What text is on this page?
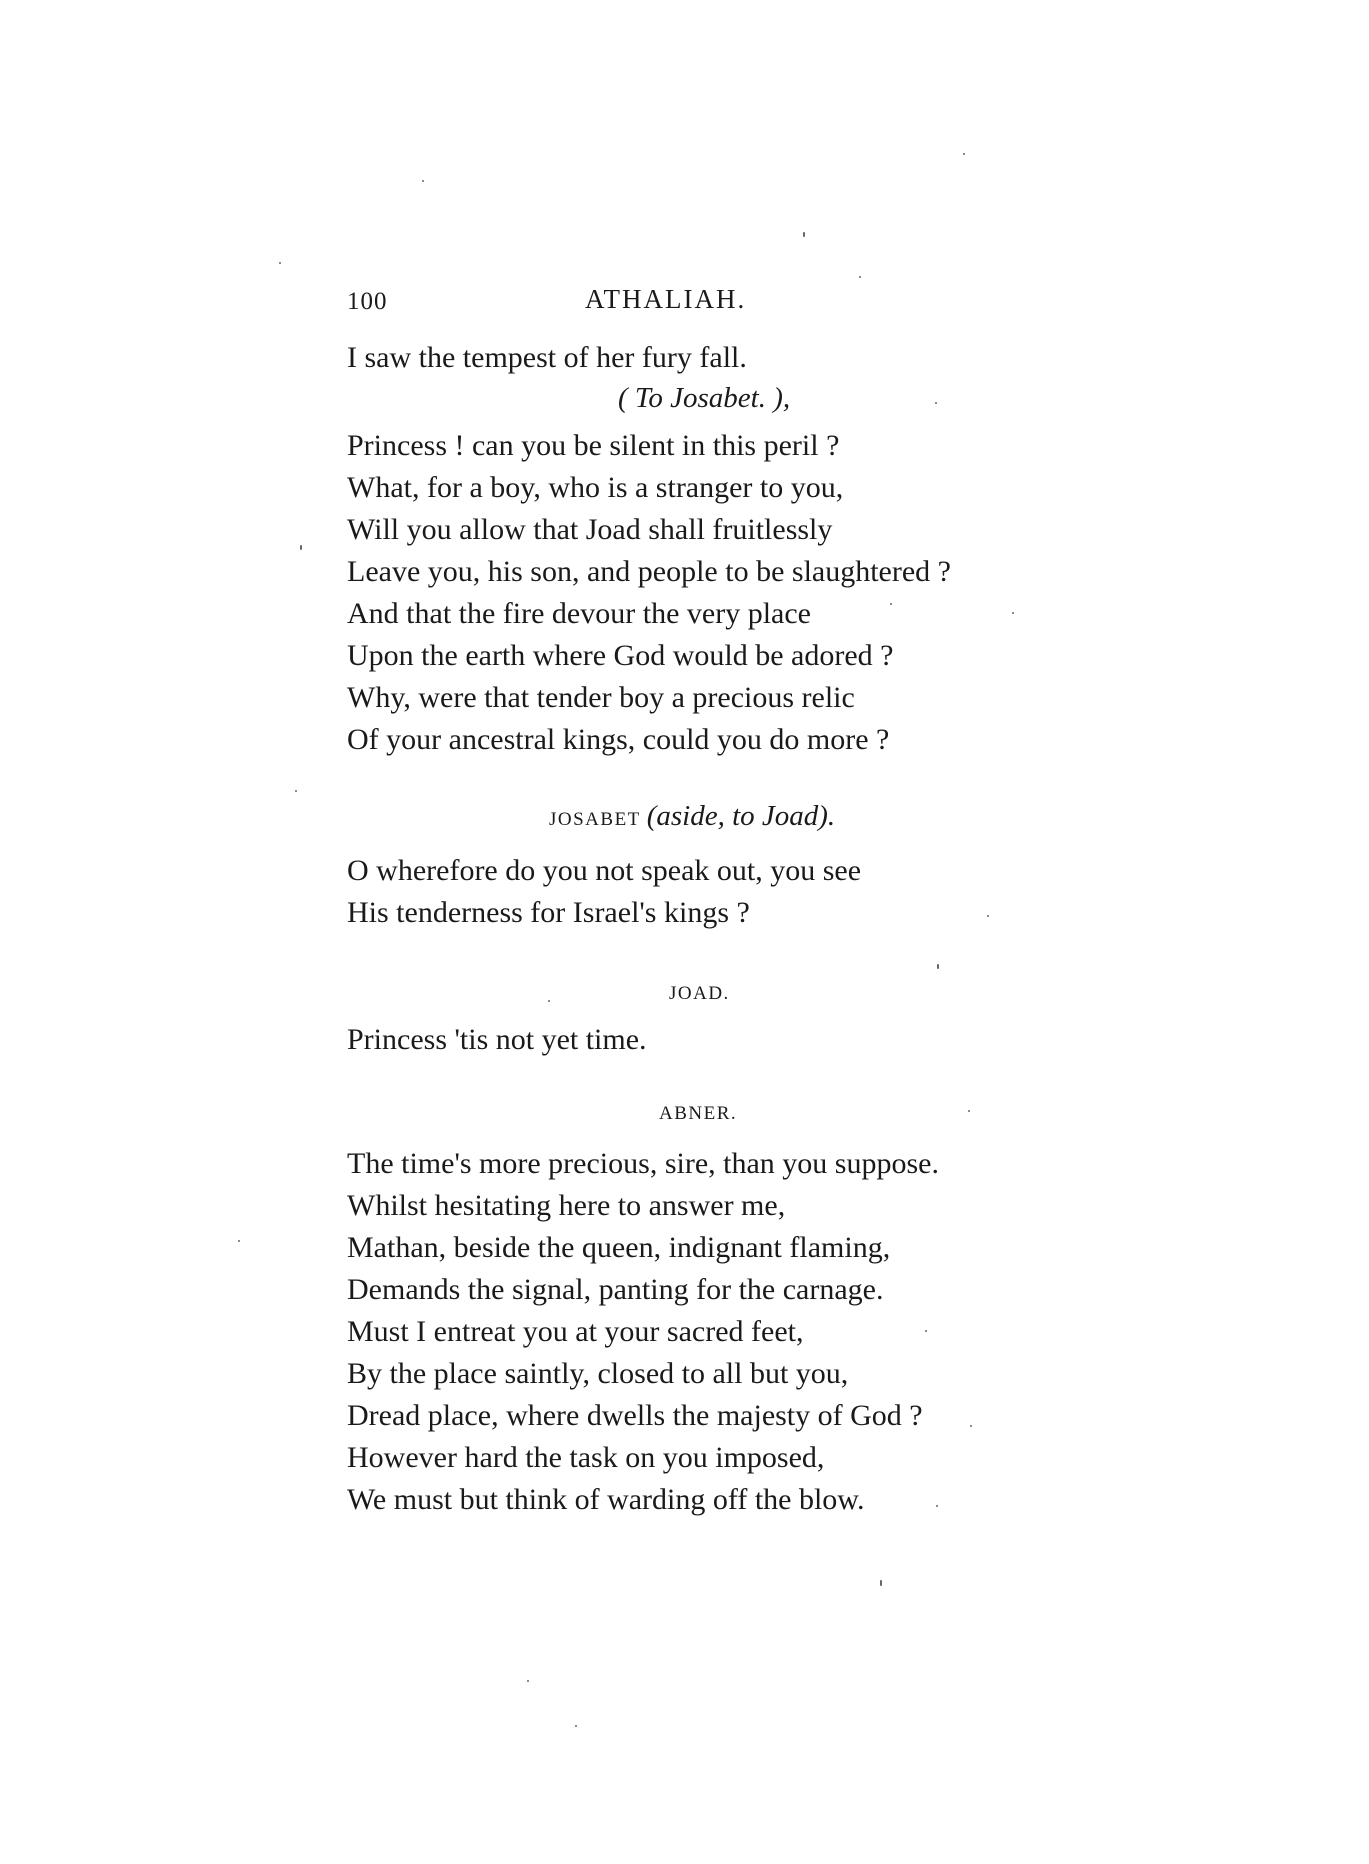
100	ATHALIAH.
I saw the tempest of her fury fall.
( To Josabet. ),
Princess ! can you be silent in this peril ?
What, for a boy, who is a stranger to you,
Will you allow that Joad shall fruitlessly
Leave you, his son, and people to be slaughtered ?
And that the fire devour the very place
Upon the earth where God would be adored ?
Why, were that tender boy a precious relic
Of your ancestral kings, could you do more ?
JOSABET (aside, to Joad).
O wherefore do you not speak out, you see
His tenderness for Israel's kings ?
JOAD.
Princess 'tis not yet time.
ABNER.
The time's more precious, sire, than you suppose.
Whilst hesitating here to answer me,
Mathan, beside the queen, indignant flaming,
Demands the signal, panting for the carnage.
Must I entreat you at your sacred feet,
By the place saintly, closed to all but you,
Dread place, where dwells the majesty of God ?
However hard the task on you imposed,
We must but think of warding off the blow.
